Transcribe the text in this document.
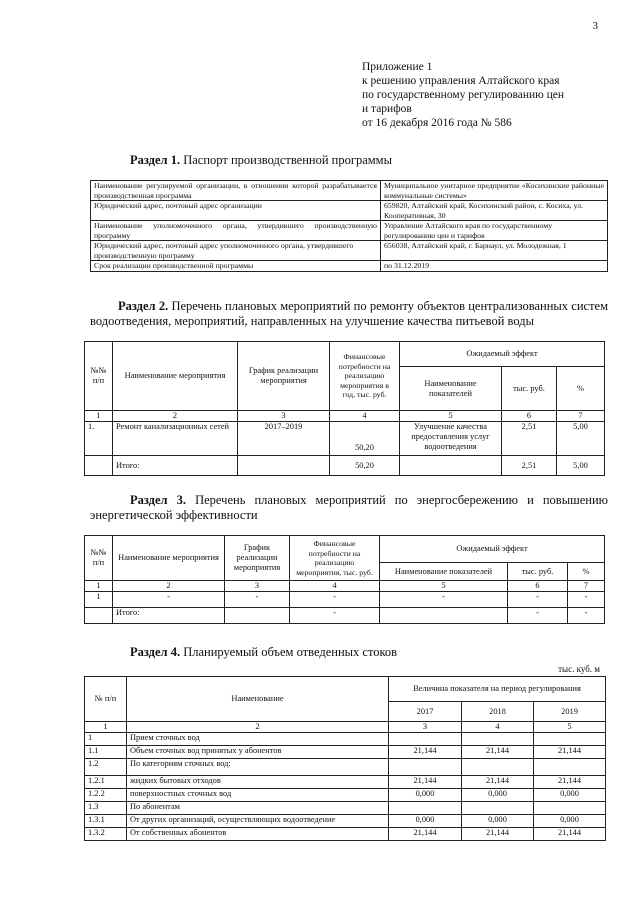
3
Приложение 1
к решению управления Алтайского края
по государственному регулированию цен
и тарифов
от 16 декабря 2016 года № 586
Раздел 1. Паспорт производственной программы
Наименование регулируемой организации, в отношении которой разрабатывается производственная программа	Муниципальное унитарное предприятие «Косихинские районные коммунальные системы»
Юридический адрес, почтовый адрес организации	659820, Алтайский край, Косихинский район, с. Косиха, ул. Кооперативная, 30
Наименование уполномоченного органа, утвердившего производственную программу	Управление Алтайского края по государственному регулированию цен и тарифов
Юридический адрес, почтовый адрес уполномоченного органа, утвердившего производственную программу	656038, Алтайский край, г. Барнаул, ул. Молодежная, 1
Срок реализации производственной программы	по 31.12.2019
Раздел 2. Перечень плановых мероприятий по ремонту объектов централизованных систем водоотведения, мероприятий, направленных на улучшение качества питьевой воды
№№ п/п	Наименование мероприятия	График реализации мероприятия	Финансовые потребности на реализацию мероприятия в год, тыс. руб.	Ожидаемый эффект		
				Наименование показателей	тыс. руб.	%
1	2	3	4	5	6	7
1.	Ремонт канализационных сетей	2017–2019	50,20	Улучшение качества предоставления услуг водоотведения	2,51	5,00
	Итого:		50,20		2,51	5,00
Раздел 3. Перечень плановых мероприятий по энергосбережению и повышению энергетической эффективности
№№ п/п	Наименование мероприятия	График реализации мероприятия	Финансовые потребности на реализацию мероприятия, тыс. руб.	Ожидаемый эффект		
				Наименование показателей	тыс. руб.	%
1	2	3	4	5	6	7
1	-	-	-	-	-	-
	Итого:		-		-	-
Раздел 4. Планируемый объем отведенных стоков
тыс. куб. м
№ п/п	Наименование	Величина показателя на период регулирования		
		2017	2018	2019
1	2	3	4	5
1	Прием сточных вод			
1.1	Объем сточных вод принятых у абонентов	21,144	21,144	21,144
1.2	По категориям сточных вод:			
1.2.1	жидких бытовых отходов	21,144	21,144	21,144
1.2.2	поверхностных сточных вод	0,000	0,000	0,000
1.3	По абонентам			
1.3.1	От других организаций, осуществляющих водоотведение	0,000	0,000	0,000
1.3.2	От собственных абонентов	21,144	21,144	21,144
